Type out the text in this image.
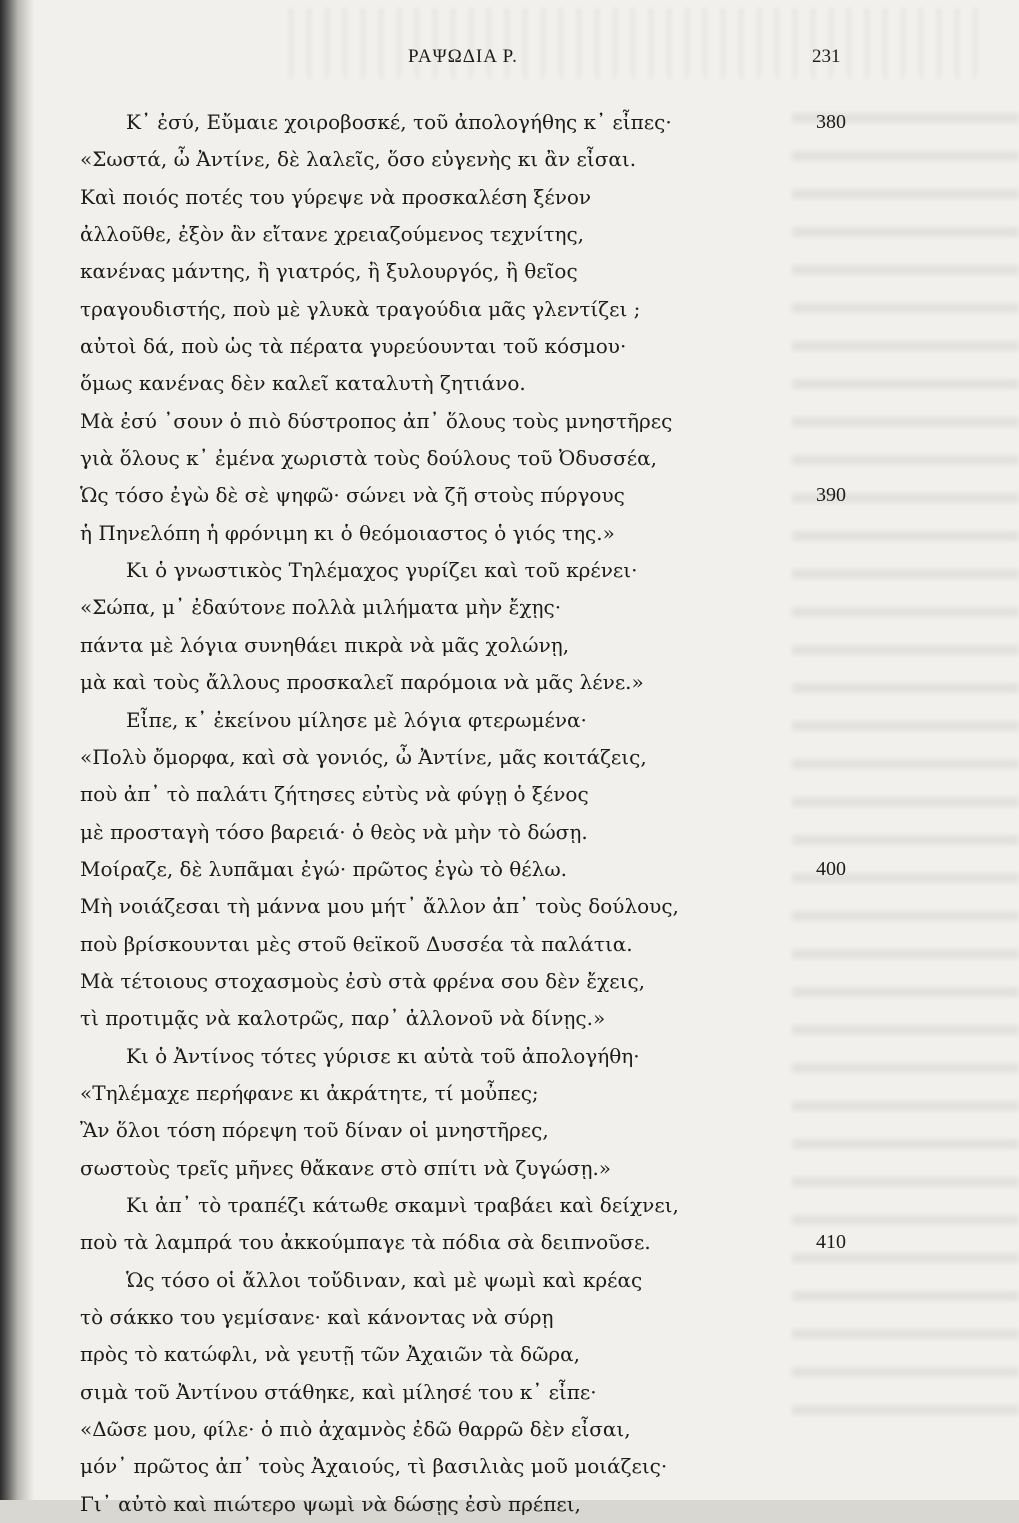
ΡΑΨΩΔΙΑ Ρ.	231
Κ᾽ ἐσύ, Εὔμαιε χοιροβοσκέ, τοῦ ἀπολογήθης κ᾽ εἶπες·	380
«Σωστά, ὦ Ἀντίνε, δὲ λαλεῖς, ὅσο εὐγενὴς κι ἂν εἶσαι.
Καὶ ποιός ποτές του γύρεψε νὰ προσκαλέση ξένον
ἀλλοῦθε, ἐξὸν ἂν εἴτανε χρειαζούμενος τεχνίτης,
κανένας μάντης, ἢ γιατρός, ἢ ξυλουργός, ἢ θεῖος
τραγουδιστής, ποὺ μὲ γλυκὰ τραγούδια μᾶς γλεντίζει ;
αὐτοὶ δά, ποὺ ὡς τὰ πέρατα γυρεύουνται τοῦ κόσμου·
ὅμως κανένας δὲν καλεῖ καταλυτὴ ζητιάνο.
Μὰ ἐσύ ᾽σουν ὁ πιὸ δύστροπος ἀπ᾽ ὅλους τοὺς μνηστῆρες
γιὰ ὅλους κ᾽ ἐμένα χωριστὰ τοὺς δούλους τοῦ Ὀδυσσέα,
Ὡς τόσο ἐγὼ δὲ σὲ ψηφῶ· σώνει νὰ ζῆ στοὺς πύργους	390
ἡ Πηνελόπη ἡ φρόνιμη κι ὁ θεόμοιαστος ὁ γιός της.»
Κι ὁ γνωστικὸς Τηλέμαχος γυρίζει καὶ τοῦ κρένει·
«Σώπα, μ᾽ ἐδαύτονε πολλὰ μιλήματα μὴν ἔχῃς·
πάντα μὲ λόγια συνηθάει πικρὰ νὰ μᾶς χολώνῃ,
μὰ καὶ τοὺς ἄλλους προσκαλεῖ παρόμοια νὰ μᾶς λένε.»
Εἶπε, κ᾽ ἐκείνου μίλησε μὲ λόγια φτερωμένα·
«Πολὺ ὄμορφα, καὶ σὰ γονιός, ὦ Ἀντίνε, μᾶς κοιτάζεις,
ποὺ ἀπ᾽ τὸ παλάτι ζήτησες εὐτὺς νὰ φύγῃ ὁ ξένος
μὲ προσταγὴ τόσο βαρειά· ὁ θεὸς νὰ μὴν τὸ δώσῃ.
Μοίραζε, δὲ λυπᾶμαι ἐγώ· πρῶτος ἐγὼ τὸ θέλω.	400
Μὴ νοιάζεσαι τὴ μάννα μου μήτ᾽ ἄλλον ἀπ᾽ τοὺς δούλους,
ποὺ βρίσκουνται μὲς στοῦ θεϊκοῦ Δυσσέα τὰ παλάτια.
Μὰ τέτοιους στοχασμοὺς ἐσὺ στὰ φρένα σου δὲν ἔχεις,
τὶ προτιμᾷς νὰ καλοτρῶς, παρ᾽ ἀλλονοῦ νὰ δίνῃς.»
Κι ὁ Ἀντίνος τότες γύρισε κι αὐτὰ τοῦ ἀπολογήθη·
«Τηλέμαχε περήφανε κι ἀκράτητε, τί μοὖπες;
Ἂν ὅλοι τόση πόρεψη τοῦ δίναν οἱ μνηστῆρες,
σωστοὺς τρεῖς μῆνες θἄκανε στὸ σπίτι νὰ ζυγώσῃ.»
Κι ἀπ᾽ τὸ τραπέζι κάτωθε σκαμνὶ τραβάει καὶ δείχνει,
ποὺ τὰ λαμπρά του ἀκκούμπαγε τὰ πόδια σὰ δειπνοῦσε.	410
Ὡς τόσο οἱ ἄλλοι τοὔδιναν, καὶ μὲ ψωμὶ καὶ κρέας
τὸ σάκκο του γεμίσανε· καὶ κάνοντας νὰ σύρῃ
πρὸς τὸ κατώφλι, νὰ γευτῇ τῶν Ἀχαιῶν τὰ δῶρα,
σιμὰ τοῦ Ἀντίνου στάθηκε, καὶ μίλησέ του κ᾽ εἶπε·
«Δῶσε μου, φίλε· ὁ πιὸ ἀχαμνὸς ἐδῶ θαρρῶ δὲν εἶσαι,
μόν᾽ πρῶτος ἀπ᾽ τοὺς Ἀχαιούς, τὶ βασιλιὰς μοῦ μοιάζεις·
Γι᾽ αὐτὸ καὶ πιώτερο ψωμὶ νὰ δώσῃς ἐσὺ πρέπει,
